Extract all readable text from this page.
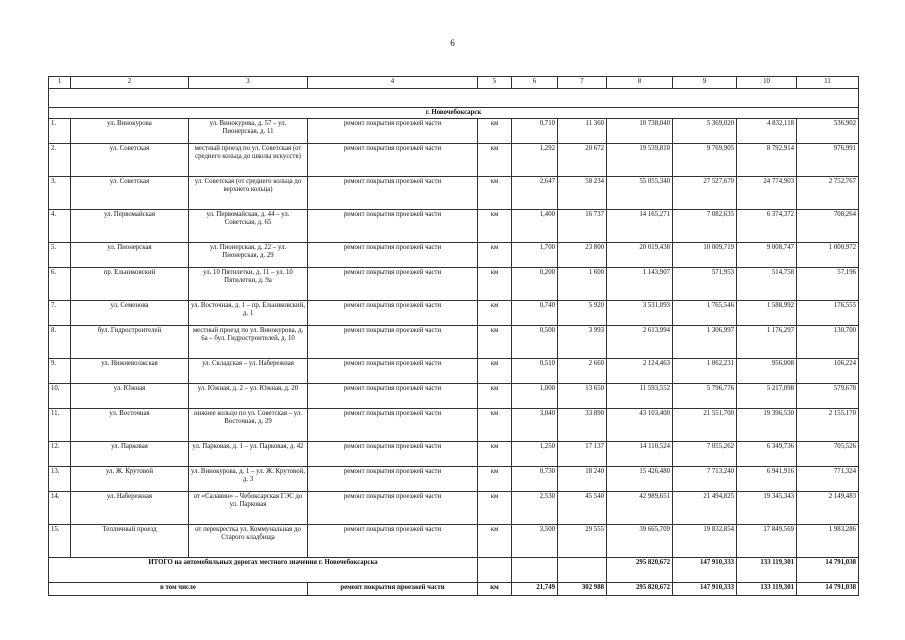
6
1	2	3	4	5	6	7	8	9	10	11

г. Новочебоксарск										
1.	ул. Винокурова	ул. Винокурова, д. 57 – ул. Пионерская, д. 11	ремонт покрытия проезжей части	км	0,710	11 360	10 738,040	5 369,020	4 832,118	536,902
2.	ул. Советская	местный проезд по ул. Советская (от среднего кольца до школы искусств)	ремонт покрытия проезжей части	км	1,292	20 672	19 539,810	9 769,905	8 792,914	976,991
3.	ул. Советская	ул. Советская (от среднего кольца до верхнего кольца)	ремонт покрытия проезжей части	км	2,647	58 234	55 055,340	27 527,670	24 774,903	2 752,767
4.	ул. Первомайская	ул. Первомайская, д. 44 – ул. Советская, д. 65	ремонт покрытия проезжей части	км	1,400	16 737	14 165,271	7 082,635	6 374,372	708,264
5.	ул. Пионерская	ул. Пионерская, д. 22 – ул. Пионерская, д. 29	ремонт покрытия проезжей части	км	1,700	23 800	20 019,438	10 009,719	9 008,747	1 000,972
6.	пр. Ельниковский	ул. 10 Пятилетки, д. 11 – ул. 10 Пятилетки, д. 9а	ремонт покрытия проезжей части	км	0,200	1 600	1 143,907	571,953	514,758	57,196
7.	ул. Семенова	ул. Восточная, д. 1 – пр. Ельниковский, д. 1	ремонт покрытия проезжей части	км	0,740	5 920	3 531,093	1 765,546	1 588,992	176,555
8.	бул. Гидростроителей	местный проезд по ул. Винокурова, д. 6а – бул. Гидростроителей, д. 10	ремонт покрытия проезжей части	км	0,500	3 993	2 613,994	1 306,997	1 176,297	130,700
9.	ул. Нижневолжская	ул. Складская – ул. Набережная	ремонт покрытия проезжей части	км	0,510	2 660	2 124,463	1 062,231	956,008	106,224
10.	ул. Южная	ул. Южная, д. 2 – ул. Южная, д. 20	ремонт покрытия проезжей части	км	1,000	13 650	11 593,552	5 796,776	5 217,098	579,678
11.	ул. Восточная	нижнее кольцо по ул. Советская – ул. Восточная, д. 29	ремонт покрытия проезжей части	км	3,040	33 890	43 103,400	21 551,700	19 396,530	2 155,170
12.	ул. Парковая	ул. Парковая, д. 1 – ул. Парковая, д. 42	ремонт покрытия проезжей части	км	1,250	17 137	14 110,524	7 055,262	6 349,736	705,526
13.	ул. Ж. Крутовой	ул. Винокурова, д. 1 – ул. Ж. Крутовой, д. 3	ремонт покрытия проезжей части	км	0,730	18 240	15 426,480	7 713,240	6 941,916	771,324
14.	ул. Набережная	от «Салавин» – Чебоксарская ГЭС до ул. Парковая	ремонт покрытия проезжей части	км	2,530	45 540	42 989,651	21 494,825	19 345,343	2 149,483
15.	Тепличный проезд	от перекрестка ул. Коммунальная до Старого кладбища	ремонт покрытия проезжей части	км	3,500	29 555	39 665,709	19 832,854	17 849,569	1 983,286
ИТОГО на автомобильных дорогах местного значения г. Новочебоксарска							295 820,672	147 910,333	133 119,301	14 791,038
в том числе			ремонт покрытия проезжей части	км	21,749	302 988	295 820,672	147 910,333	133 119,301	14 791,038
